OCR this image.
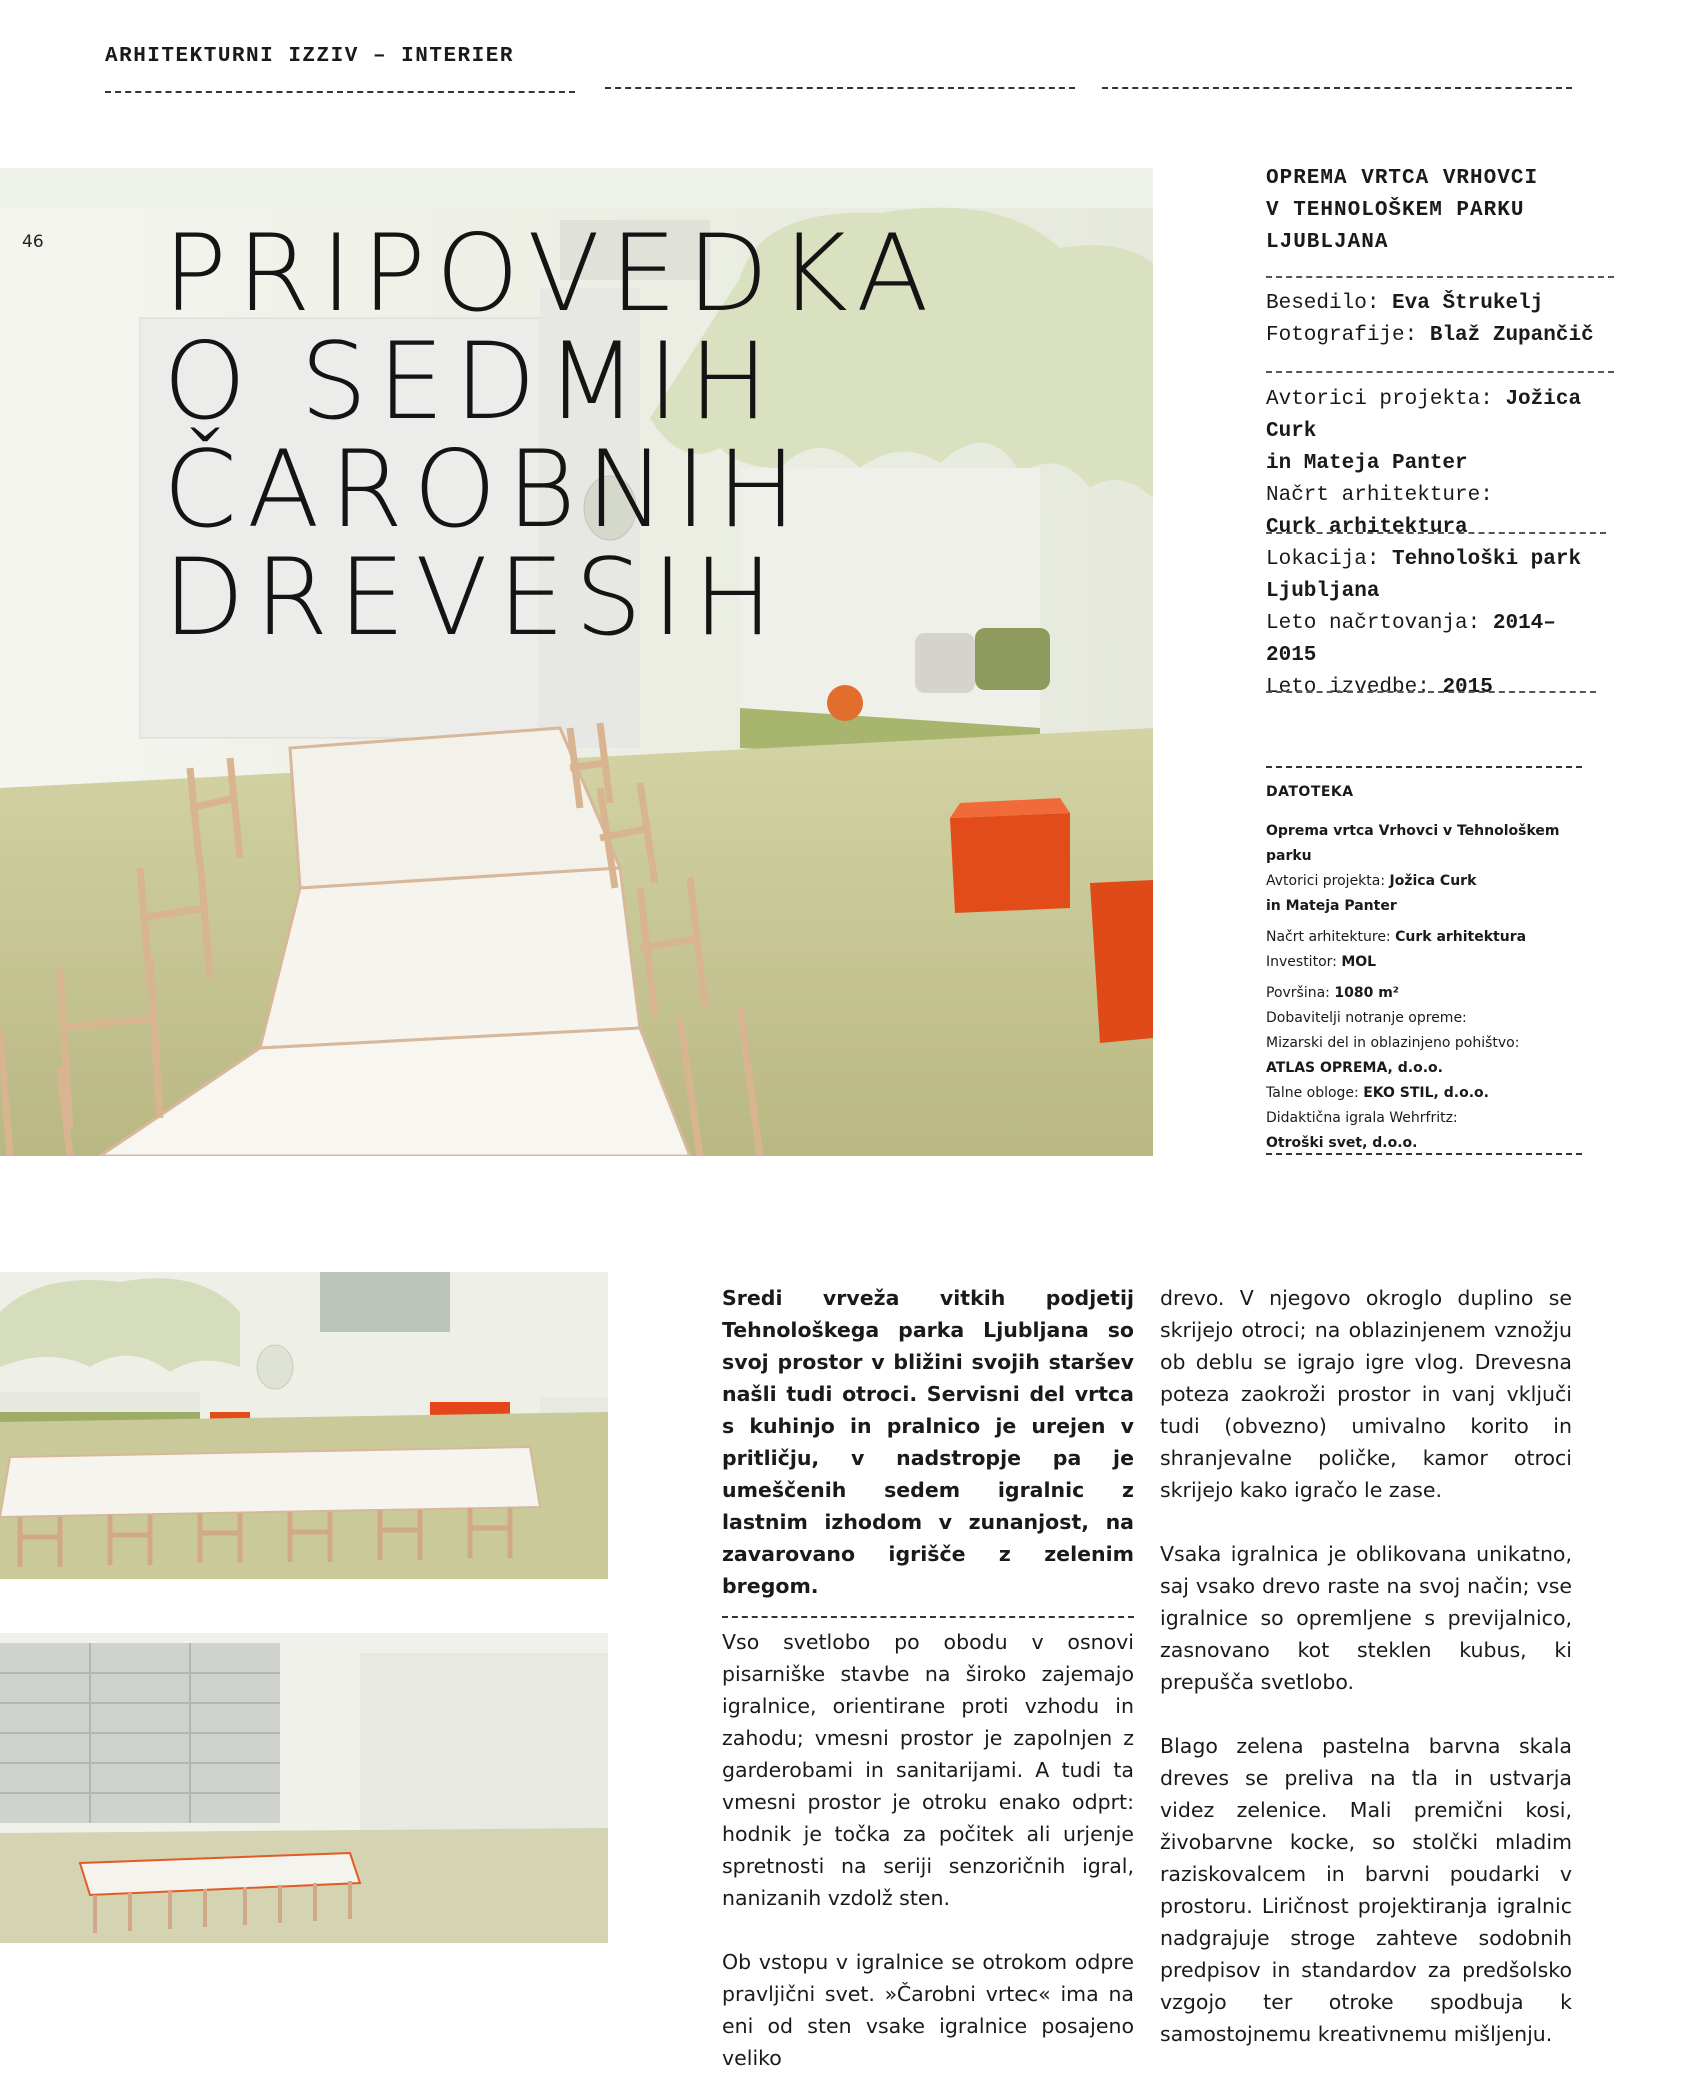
ARHITEKTURNI IZZIV – INTERIER
46 PRIPOVEDKA
O SEDMIH
ČAROBNIH
DREVESIH
OPREMA VRTCA VRHOVCI
V TEHNOLOŠKEM PARKU
LJUBLJANA
Besedilo: Eva Štrukelj
Fotografije: Blaž Zupančič
Avtorici projekta: Jožica Curk
in Mateja Panter
Načrt arhitekture:
Curk arhitektura
Lokacija: Tehnološki park
Ljubljana
Leto načrtovanja: 2014–2015
Leto izvedbe: 2015
DATOTEKA
Oprema vrtca Vrhovci v Tehnološkem parku
Avtorici projekta: Jožica Curk
in Mateja Panter
Načrt arhitekture: Curk arhitektura
Investitor: MOL
Površina: 1080 m²
Dobavitelji notranje opreme:
Mizarski del in oblazinjeno pohištvo:
ATLAS OPREMA, d.o.o.
Talne obloge: EKO STIL, d.o.o.
Didaktična igrala Wehrfritz:
Otroški svet, d.o.o.

Sredi vrveža vitkih podjetij Tehnološkega parka Ljubljana so svoj prostor v bližini svojih staršev našli tudi otroci. Servisni del vrtca s kuhinjo in pralnico je urejen v pritličju, v nadstropje pa je umeščenih sedem igralnic z lastnim izhodom v zunanjost, na zavarovano igrišče z zelenim bregom.

Vso svetlobo po obodu v osnovi pisarniške stavbe na široko zajemajo igralnice, orientirane proti vzhodu in zahodu; vmesni prostor je zapolnjen z garderobami in sanitarijami. A tudi ta vmesni prostor je otroku enako odprt: hodnik je točka za počitek ali urjenje spretnosti na seriji senzoričnih igral, nanizanih vzdolž sten.

Ob vstopu v igralnice se otrokom odpre pravljični svet. »Čarobni vrtec« ima na eni od sten vsake igralnice posajeno veliko

drevo. V njegovo okroglo duplino se skrijejo otroci; na oblazinjenem vznožju ob deblu se igrajo igre vlog. Drevesna poteza zaokroži prostor in vanj vključi tudi (obvezno) umivalno korito in shranjevalne poličke, kamor otroci skrijejo kako igračo le zase.

Vsaka igralnica je oblikovana unikatno, saj vsako drevo raste na svoj način; vse igralnice so opremljene s previjalnico, zasnovano kot steklen kubus, ki prepušča svetlobo.

Blago zelena pastelna barvna skala dreves se preliva na tla in ustvarja videz zelenice. Mali premični kosi, živobarvne kocke, so stolčki mladim raziskovalcem in barvni poudarki v prostoru. Liričnost projektiranja igralnic nadgrajuje stroge zahteve sodobnih predpisov in standardov za predšolsko vzgojo ter otroke spodbuja k samostojnemu kreativnemu mišljenju.
